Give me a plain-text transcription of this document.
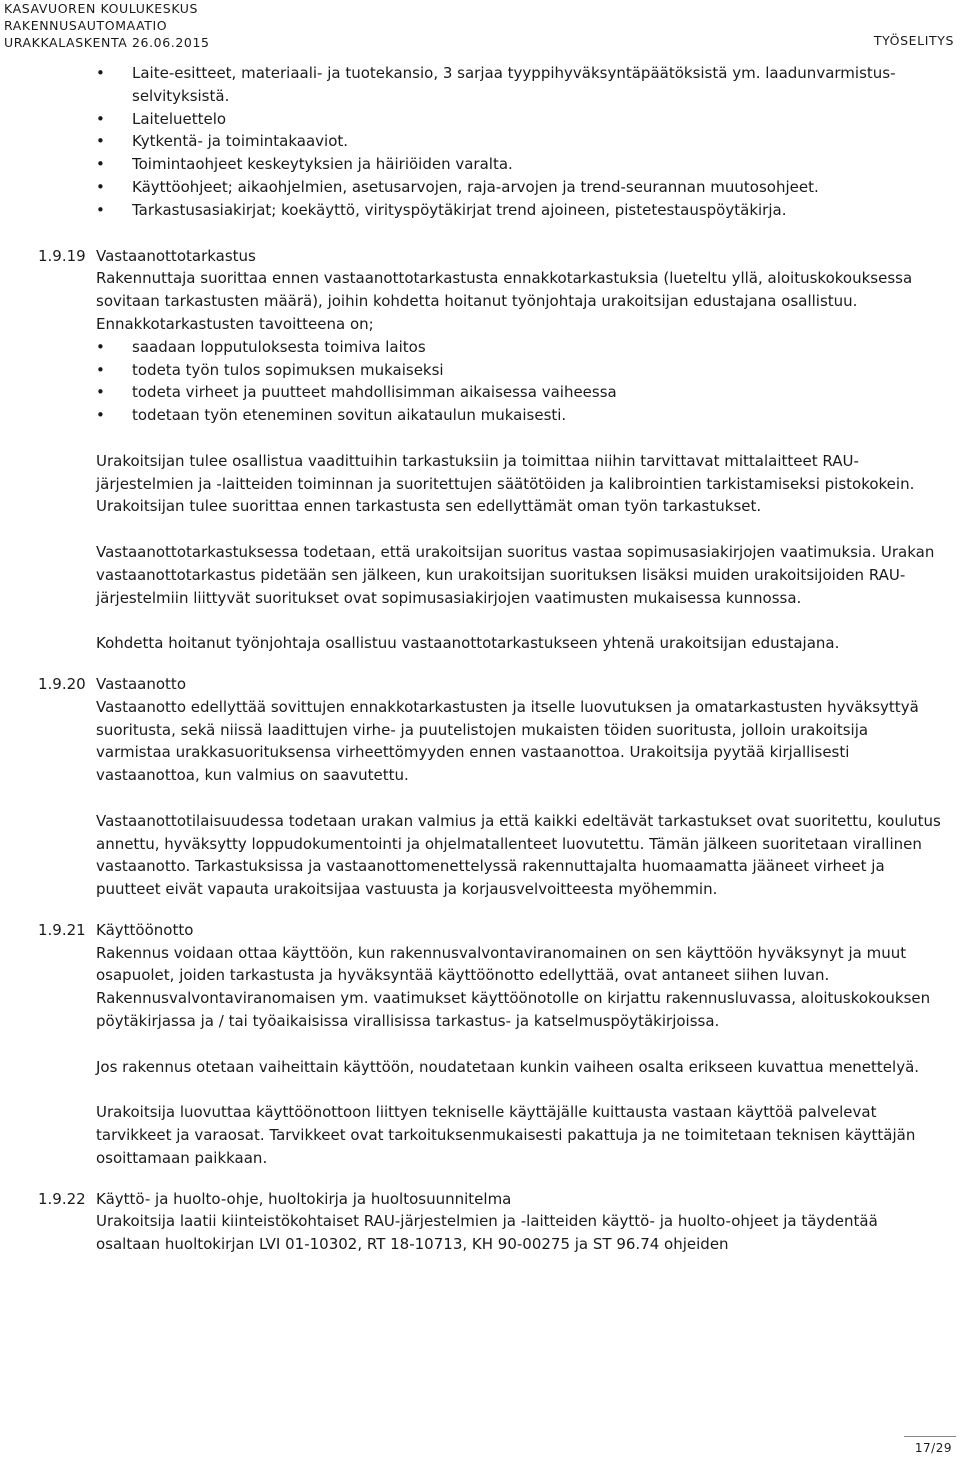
KASAVUOREN KOULUKESKUS
RAKENNUSAUTOMAATIO
URAKKALASKENTA 26.06.2015	TYÖSELITYS
• Laite-esitteet, materiaali- ja tuotekansio, 3 sarjaa tyyppihyväksyntäpäätöksistä ym. laadunvarmistus-selvityksistä.
• Laiteluettelo
• Kytkentä- ja toimintakaaviot.
• Toimintaohjeet keskeytyksien ja häiriöiden varalta.
• Käyttöohjeet; aikaohjelmien, asetusarvojen, raja-arvojen ja trend-seurannan muutosohjeet.
• Tarkastusasiakirjat; koekäyttö, virityspöytäkirjat trend ajoineen, pistetestauspöytäkirja.
1.9.19 Vastaanottotarkastus

Rakennuttaja suorittaa ennen vastaanottotarkastusta ennakkotarkastuksia (lueteltu yllä, aloituskokouksessa sovitaan tarkastusten määrä), joihin kohdetta hoitanut työnjohtaja urakoitsijan edustajana osallistuu. Ennakkotarkastusten tavoitteena on;

• saadaan lopputuloksesta toimiva laitos
• todeta työn tulos sopimuksen mukaiseksi
• todeta virheet ja puutteet mahdollisimman aikaisessa vaiheessa
• todetaan työn eteneminen sovitun aikataulun mukaisesti.

Urakoitsijan tulee osallistua vaadittuihin tarkastuksiin ja toimittaa niihin tarvittavat mittalaitteet RAU-järjestelmien ja -laitteiden toiminnan ja suoritettujen säätötöiden ja kalibrointien tarkistamiseksi pistokokein. Urakoitsijan tulee suorittaa ennen tarkastusta sen edellyttämät oman työn tarkastukset.

Vastaanottotarkastuksessa todetaan, että urakoitsijan suoritus vastaa sopimusasiakirjojen vaatimuksia. Urakan vastaanottotarkastus pidetään sen jälkeen, kun urakoitsijan suorituksen lisäksi muiden urakoitsijoiden RAU-järjestelmiin liittyvät suoritukset ovat sopimusasiakirjojen vaatimusten mukaisessa kunnossa.

Kohdetta hoitanut työnjohtaja osallistuu vastaanottotarkastukseen yhtenä urakoitsijan edustajana.

1.9.20 Vastaanotto

Vastaanotto edellyttää sovittujen ennakkotarkastusten ja itselle luovutuksen ja omatarkastusten hyväksyttyä suoritusta, sekä niissä laadittujen virhe- ja puutelistojen mukaisten töiden suoritusta, jolloin urakoitsija varmistaa urakkasuorituksensa virheettömyyden ennen vastaanottoa. Urakoitsija pyytää kirjallisesti vastaanottoa, kun valmius on saavutettu.

Vastaanottotilaisuudessa todetaan urakan valmius ja että kaikki edeltävät tarkastukset ovat suoritettu, koulutus annettu, hyväksytty loppudokumentointi ja ohjelmatallenteet luovutettu. Tämän jälkeen suoritetaan virallinen vastaanotto. Tarkastuksissa ja vastaanottomenettelyssä rakennuttajalta huomaamatta jääneet virheet ja puutteet eivät vapauta urakoitsijaa vastuusta ja korjausvelvoitteesta myöhemmin.

1.9.21 Käyttöönotto

Rakennus voidaan ottaa käyttöön, kun rakennusvalvontaviranomainen on sen käyttöön hyväksynyt ja muut osapuolet, joiden tarkastusta ja hyväksyntää käyttöönotto edellyttää, ovat antaneet siihen luvan. Rakennusvalvontaviranomaisen ym. vaatimukset käyttöönotolle on kirjattu rakennusluvassa, aloituskokouksen pöytäkirjassa ja / tai työaikaisissa virallisissa tarkastus- ja katselmuspöytäkirjoissa.

Jos rakennus otetaan vaiheittain käyttöön, noudatetaan kunkin vaiheen osalta erikseen kuvattua menettelyä.

Urakoitsija luovuttaa käyttöönottoon liittyen tekniselle käyttäjälle kuittausta vastaan käyttöä palvelevat tarvikkeet ja varaosat. Tarvikkeet ovat tarkoituksenmukaisesti pakattuja ja ne toimitetaan teknisen käyttäjän osoittamaan paikkaan.

1.9.22 Käyttö- ja huolto-ohje, huoltokirja ja huoltosuunnitelma

Urakoitsija laatii kiinteistökohtaiset RAU-järjestelmien ja -laitteiden käyttö- ja huolto-ohjeet ja täydentää osaltaan huoltokirjan LVI 01-10302, RT 18-10713, KH 90-00275 ja ST 96.74 ohjeiden

17/29
